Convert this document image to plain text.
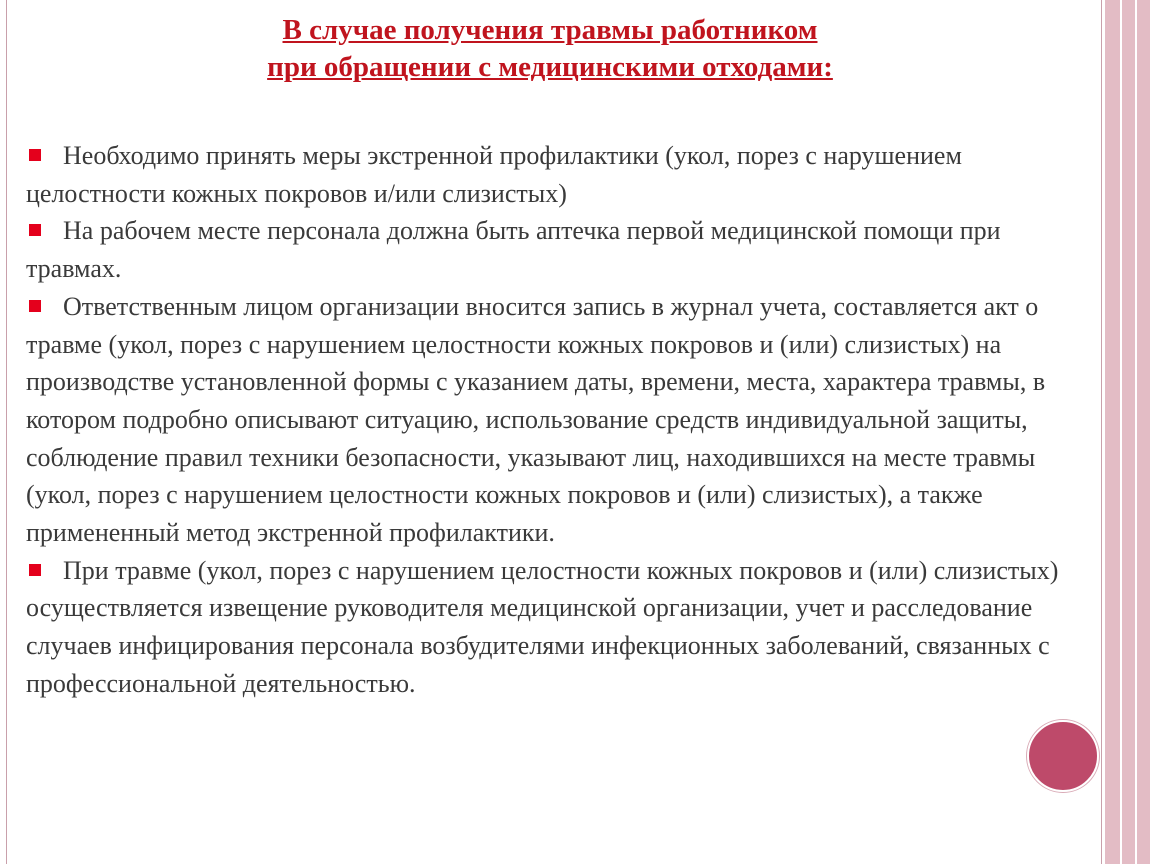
В случае получения травмы работником
при обращении с медицинскими отходами:

Необходимо принять меры экстренной профилактики (укол, порез с нарушением целостности кожных покровов и/или слизистых)

На рабочем месте персонала должна быть аптечка первой медицинской помощи при травмах.

Ответственным лицом организации вносится запись в журнал учета, составляется акт о травме (укол, порез с нарушением целостности кожных покровов и (или) слизистых) на производстве установленной формы с указанием даты, времени, места, характера травмы, в котором подробно описывают ситуацию, использование средств индивидуальной защиты, соблюдение правил техники безопасности, указывают лиц, находившихся на месте травмы (укол, порез с нарушением целостности кожных покровов и (или) слизистых), а также примененный метод экстренной профилактики.

При травме (укол, порез с нарушением целостности кожных покровов и (или) слизистых) осуществляется извещение руководителя медицинской организации, учет и расследование случаев инфицирования персонала возбудителями инфекционных заболеваний, связанных с профессиональной деятельностью.
